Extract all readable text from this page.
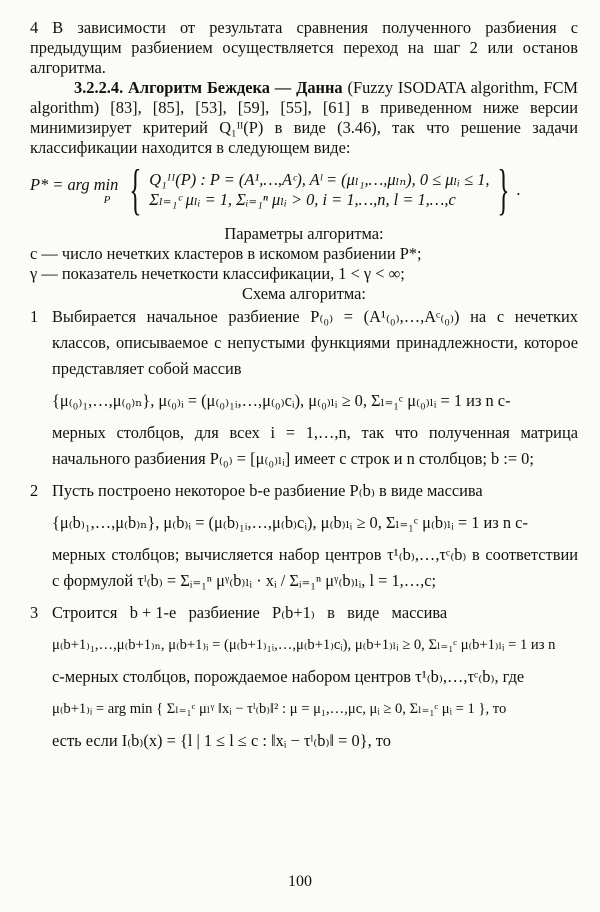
4 В зависимости от результата сравнения полученного разбиения с предыдущим разбиением осуществляется переход на шаг 2 или останов алгоритма.

3.2.2.4. Алгоритм Беждека — Данна (Fuzzy ISODATA algorithm, FCM algorithm) [83], [85], [53], [59], [55], [61] в приведенном ниже версии минимизирует критерий Q₁ᴵᴵ(P) в виде (3.46), так что решение задачи классификации находится в следующем виде:

P* = arg min
P { Q₁ᴵᴵ(P) : P = (A¹,…,Aᶜ), Aˡ = (μₗ₁,…,μₗₙ), 0 ≤ μₗᵢ ≤ 1,
Σₗ₌₁ᶜ μₗᵢ = 1, Σᵢ₌₁ⁿ μₗᵢ > 0, i = 1,…,n, l = 1,…,c } .

Параметры алгоритма:

c — число нечетких кластеров в искомом разбиении P*;

γ — показатель нечеткости классификации, 1 < γ < ∞;

Схема алгоритма:

1 Выбирается начальное разбиение P₍₀₎ = (A¹₍₀₎,…,Aᶜ₍₀₎) на c нечетких классов, описываемое c непустыми функциями принадлежности, которое представляет собой массив

{μ₍₀₎₁,…,μ₍₀₎ₙ}, μ₍₀₎ᵢ = (μ₍₀₎₁ᵢ,…,μ₍₀₎cᵢ), μ₍₀₎ₗᵢ ≥ 0, Σₗ₌₁ᶜ μ₍₀₎ₗᵢ = 1 из n c-

мерных столбцов, для всех i = 1,…,n, так что полученная матрица начального разбиения P₍₀₎ = [μ₍₀₎ₗᵢ] имеет c строк и n столбцов; b := 0;

2 Пусть построено некоторое b-е разбиение P₍b₎ в виде массива

{μ₍b₎₁,…,μ₍b₎ₙ}, μ₍b₎ᵢ = (μ₍b₎₁ᵢ,…,μ₍b₎cᵢ), μ₍b₎ₗᵢ ≥ 0, Σₗ₌₁ᶜ μ₍b₎ₗᵢ = 1 из n c-

мерных столбцов; вычисляется набор центров τ¹₍b₎,…,τᶜ₍b₎ в соответствии с формулой τˡ₍b₎ = Σᵢ₌₁ⁿ μᵞ₍b₎ₗᵢ · xᵢ / Σᵢ₌₁ⁿ μᵞ₍b₎ₗᵢ, l = 1,…,c;

3 Строится   b + 1-е   разбиение   P₍b+1₎   в   виде   массива

μ₍b+1₎₁,…,μ₍b+1₎ₙ, μ₍b+1₎ᵢ = (μ₍b+1₎₁ᵢ,…,μ₍b+1₎cᵢ), μ₍b+1₎ₗᵢ ≥ 0, Σₗ₌₁ᶜ μ₍b+1₎ₗᵢ = 1 из n

c-мерных столбцов, порождаемое набором центров τ¹₍b₎,…,τᶜ₍b₎, где

μ₍b+1₎ᵢ = arg min { Σₗ₌₁ᶜ μₗᵞ ‖xᵢ − τˡ₍b₎‖² : μ = μ₁,…,μc, μᵢ ≥ 0, Σₗ₌₁ᶜ μᵢ = 1 }, то

есть если I₍b₎(x) = {l | 1 ≤ l ≤ c : ‖xᵢ − τˡ₍b₎‖ = 0}, то

100
